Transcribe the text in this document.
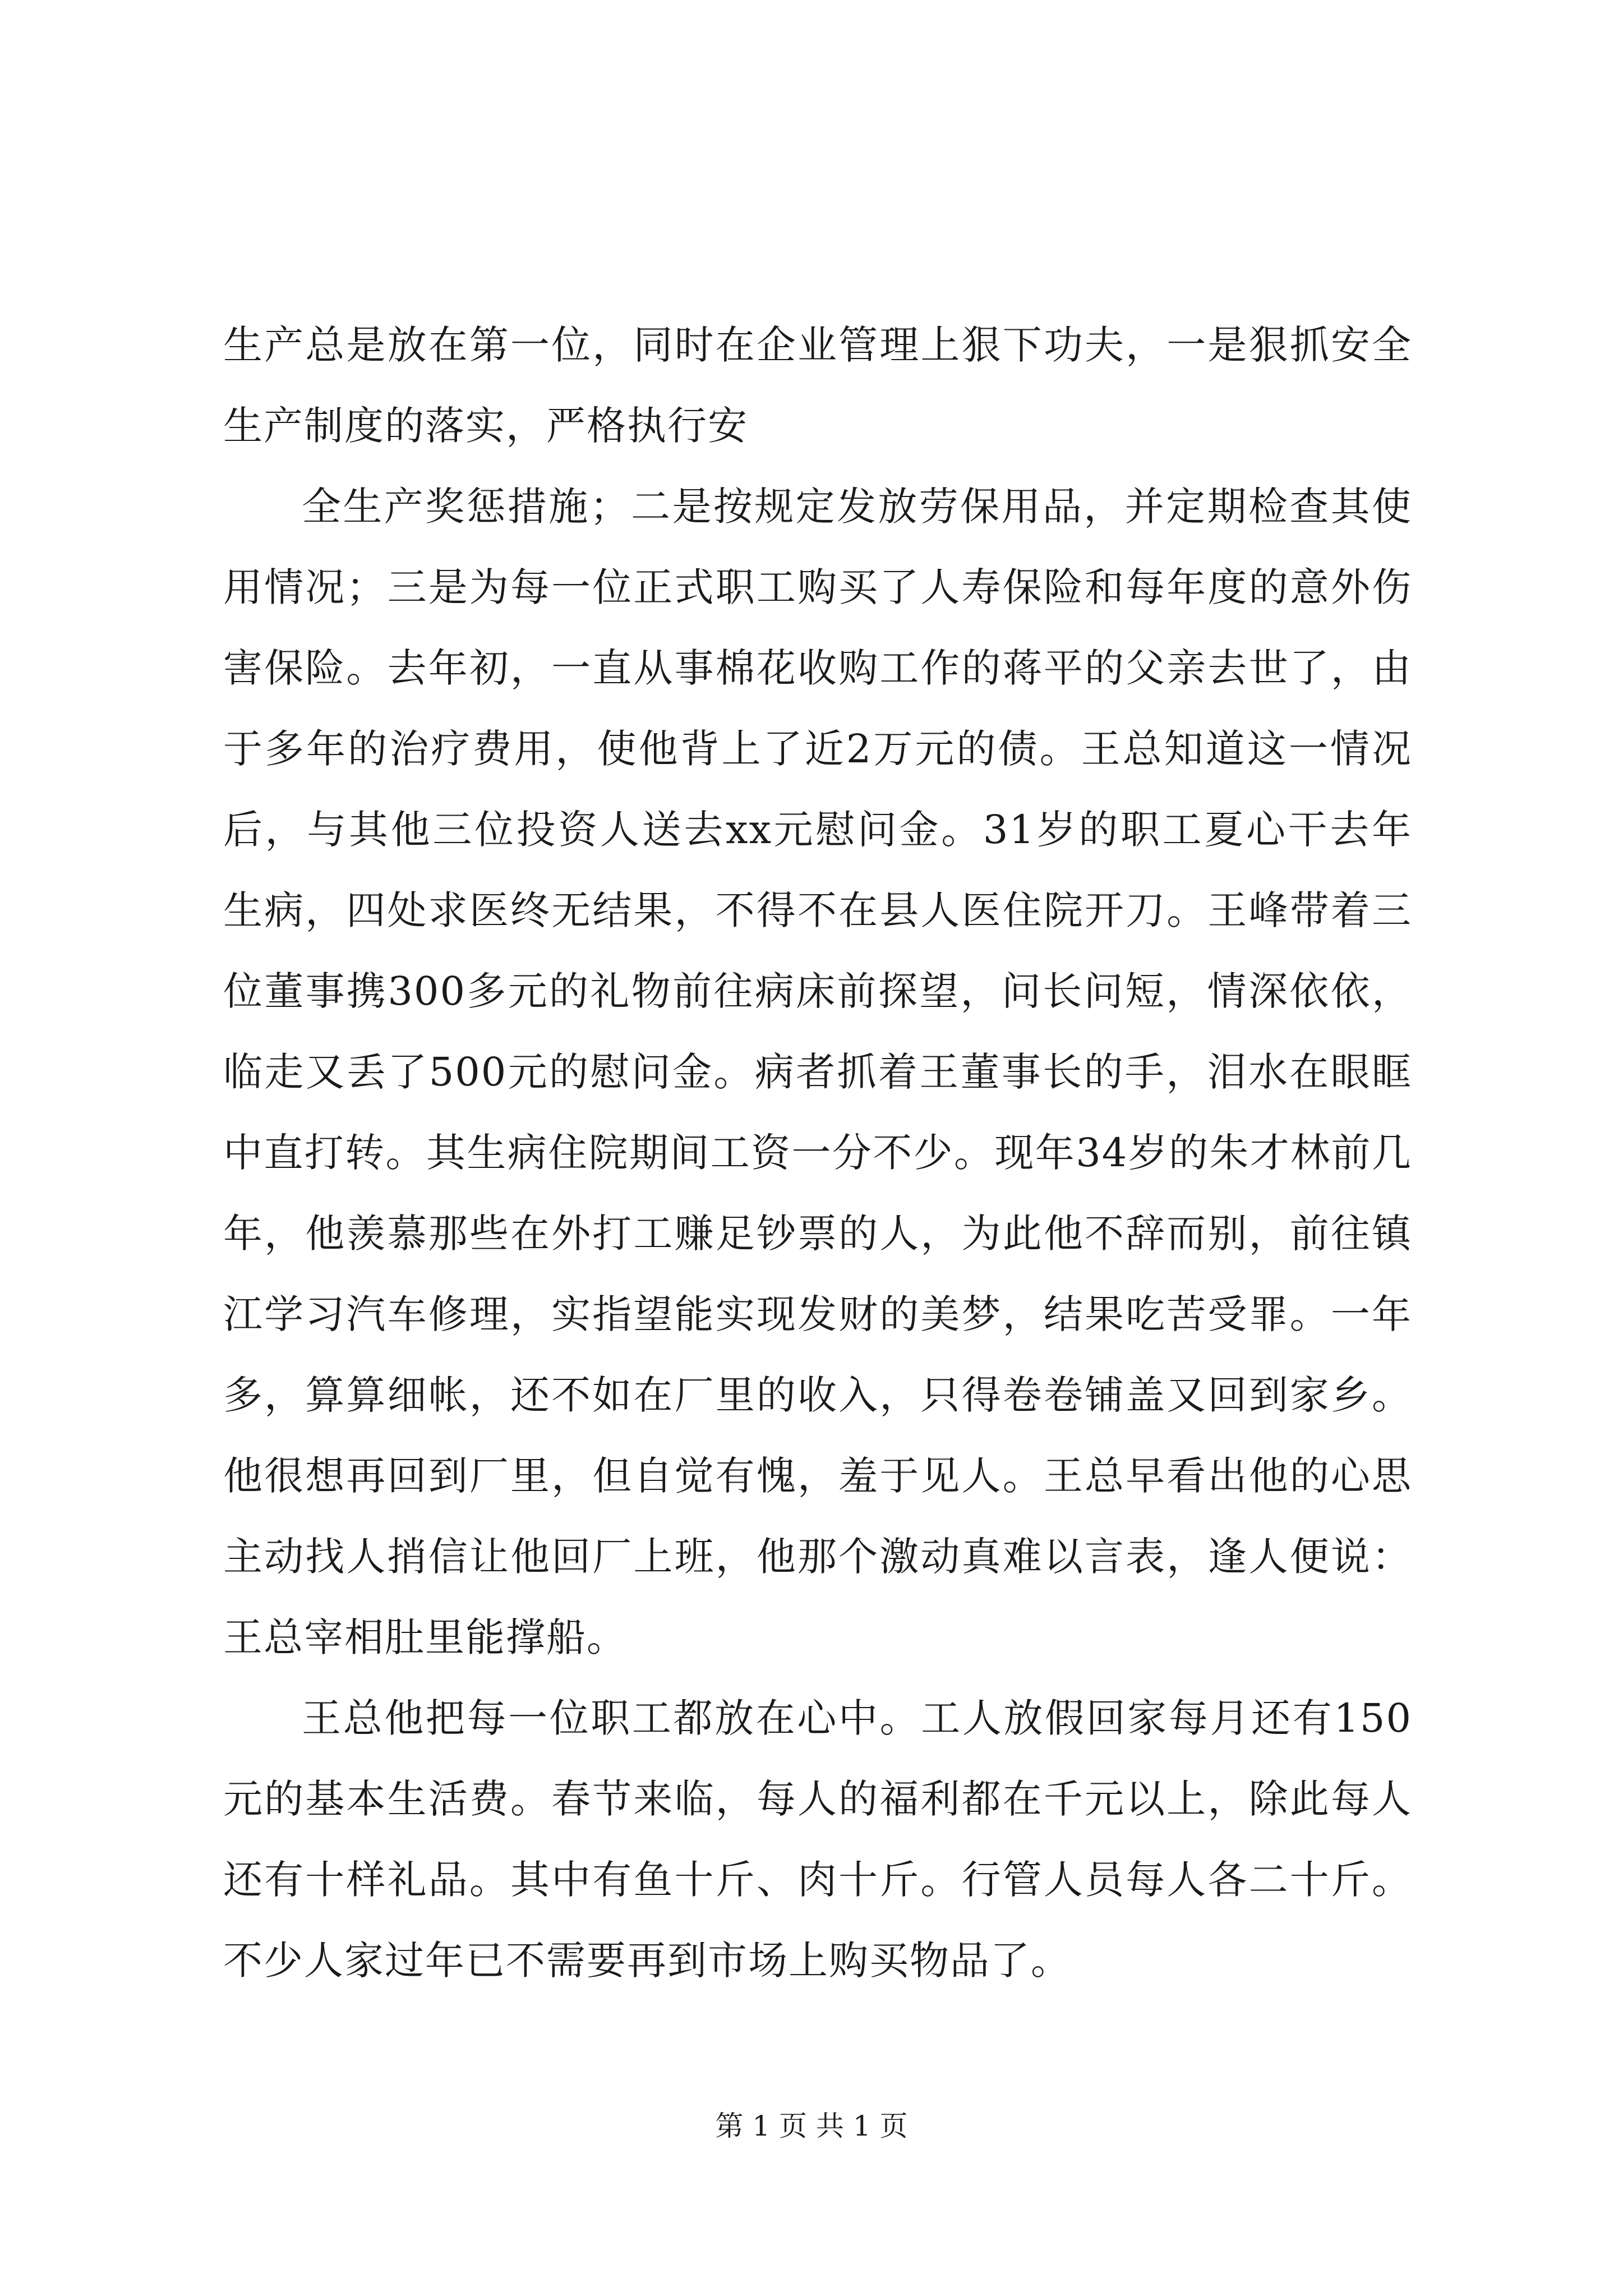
生产总是放在第一位，同时在企业管理上狠下功夫，一是狠抓安全生产制度的落实，严格执行安

全生产奖惩措施；二是按规定发放劳保用品，并定期检查其使用情况；三是为每一位正式职工购买了人寿保险和每年度的意外伤害保险。去年初，一直从事棉花收购工作的蒋平的父亲去世了，由于多年的治疗费用，使他背上了近2万元的债。王总知道这一情况后，与其他三位投资人送去xx元慰问金。31岁的职工夏心干去年生病，四处求医终无结果，不得不在县人医住院开刀。王峰带着三位董事携300多元的礼物前往病床前探望，问长问短，情深依依，临走又丢了500元的慰问金。病者抓着王董事长的手，泪水在眼眶中直打转。其生病住院期间工资一分不少。现年34岁的朱才林前几年，他羡慕那些在外打工赚足钞票的人，为此他不辞而别，前往镇江学习汽车修理，实指望能实现发财的美梦，结果吃苦受罪。一年多，算算细帐，还不如在厂里的收入，只得卷卷铺盖又回到家乡。他很想再回到厂里，但自觉有愧，羞于见人。王总早看出他的心思主动找人捎信让他回厂上班，他那个激动真难以言表，逢人便说：王总宰相肚里能撑船。

王总他把每一位职工都放在心中。工人放假回家每月还有150元的基本生活费。春节来临，每人的福利都在千元以上，除此每人还有十样礼品。其中有鱼十斤、肉十斤。行管人员每人各二十斤。不少人家过年已不需要再到市场上购买物品了。

第 1 页 共 1 页
